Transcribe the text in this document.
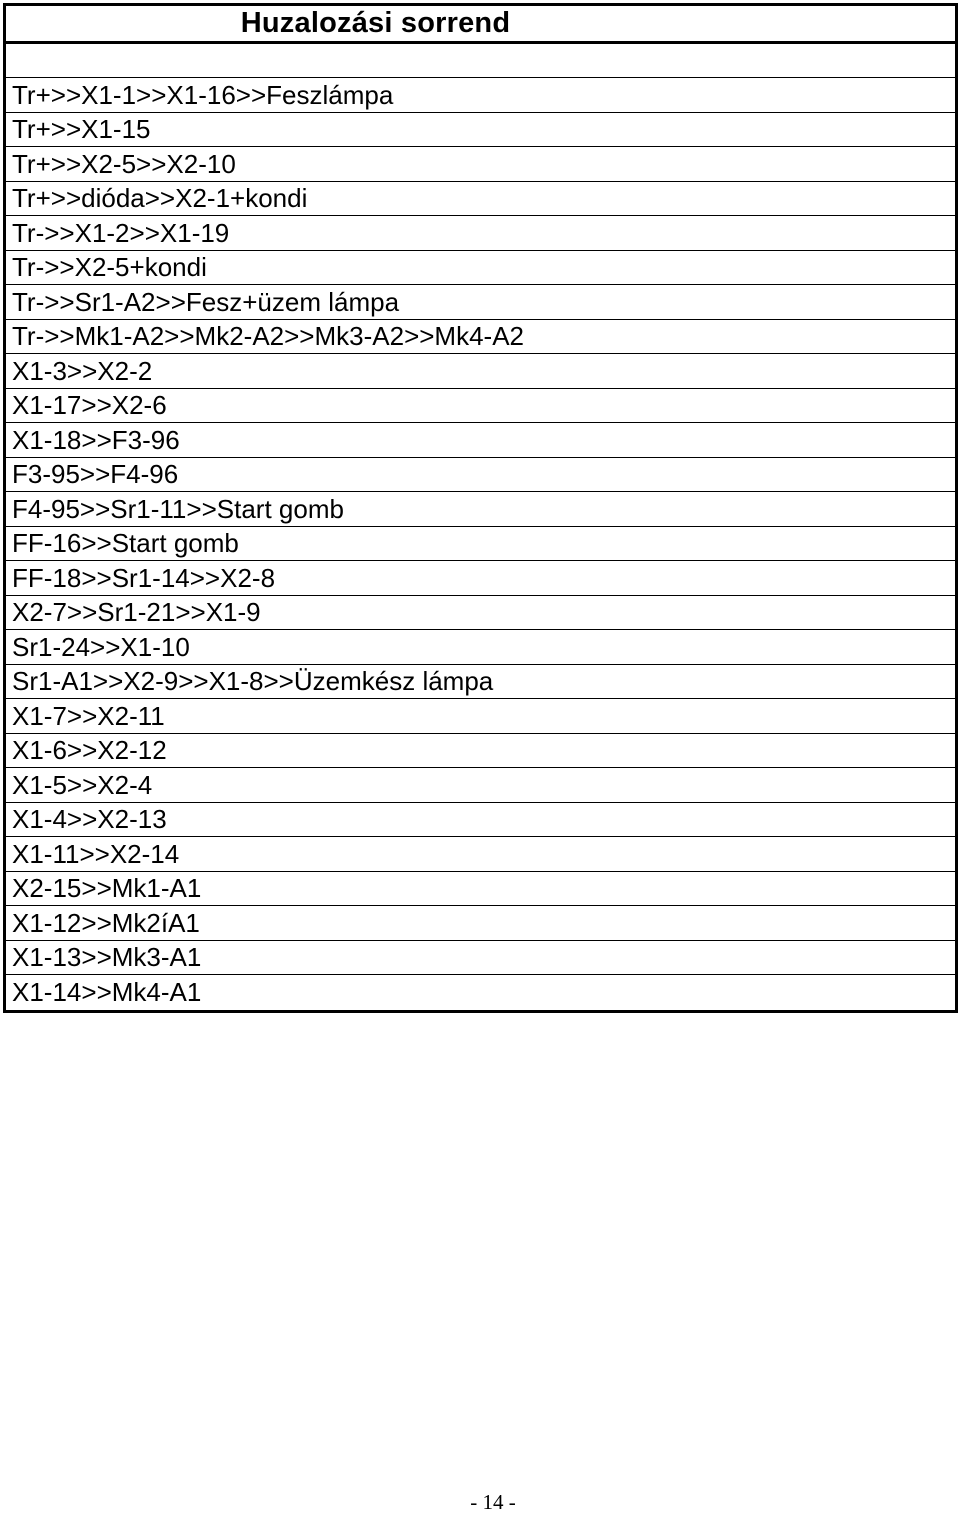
Huzalozási sorrend
Tr+>>X1-1>>X1-16>>Feszlámpa
Tr+>>X1-15
Tr+>>X2-5>>X2-10
Tr+>>dióda>>X2-1+kondi
Tr->>X1-2>>X1-19
Tr->>X2-5+kondi
Tr->>Sr1-A2>>Fesz+üzem lámpa
Tr->>Mk1-A2>>Mk2-A2>>Mk3-A2>>Mk4-A2
X1-3>>X2-2
X1-17>>X2-6
X1-18>>F3-96
F3-95>>F4-96
F4-95>>Sr1-11>>Start gomb
FF-16>>Start gomb
FF-18>>Sr1-14>>X2-8
X2-7>>Sr1-21>>X1-9
Sr1-24>>X1-10
Sr1-A1>>X2-9>>X1-8>>Üzemkész lámpa
X1-7>>X2-11
X1-6>>X2-12
X1-5>>X2-4
X1-4>>X2-13
X1-11>>X2-14
X2-15>>Mk1-A1
X1-12>>Mk2íA1
X1-13>>Mk3-A1
X1-14>>Mk4-A1
- 14 -
